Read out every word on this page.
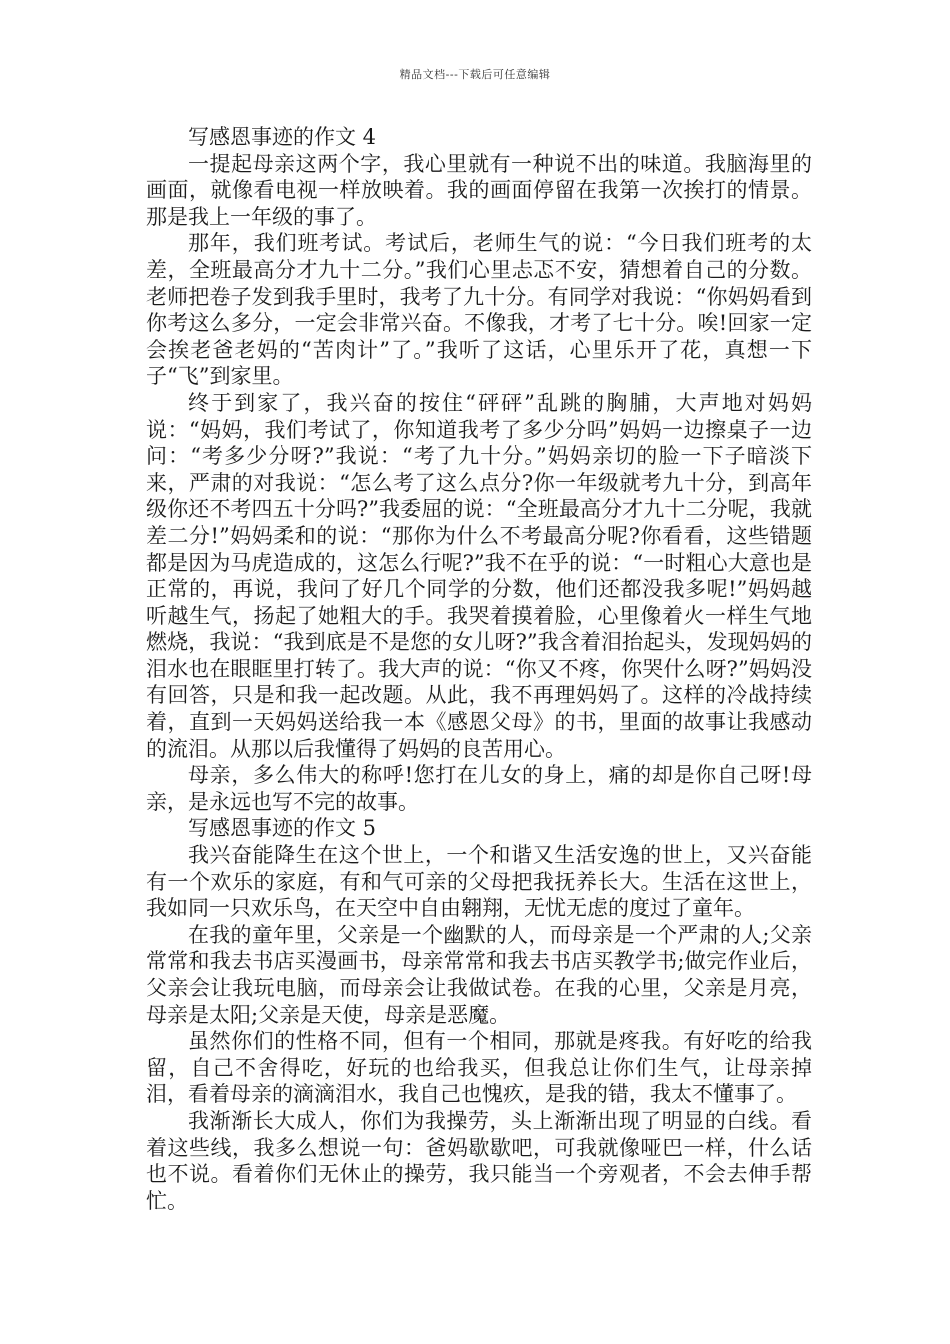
精品文档---下载后可任意编辑

写感恩事迹的作文 4

一提起母亲这两个字，我心里就有一种说不出的味道。我脑海里的画面，就像看电视一样放映着。我的画面停留在我第一次挨打的情景。那是我上一年级的事了。

那年，我们班考试。考试后，老师生气的说：“今日我们班考的太差，全班最高分才九十二分。”我们心里忐忑不安，猜想着自己的分数。老师把卷子发到我手里时，我考了九十分。有同学对我说：“你妈妈看到你考这么多分，一定会非常兴奋。不像我，才考了七十分。唉!回家一定会挨老爸老妈的“苦肉计”了。”我听了这话，心里乐开了花，真想一下子“飞”到家里。

终于到家了，我兴奋的按住“砰砰”乱跳的胸脯，大声地对妈妈说：“妈妈，我们考试了，你知道我考了多少分吗”妈妈一边擦桌子一边问：“考多少分呀?”我说：“考了九十分。”妈妈亲切的脸一下子暗淡下来，严肃的对我说：“怎么考了这么点分?你一年级就考九十分，到高年级你还不考四五十分吗?”我委屈的说：“全班最高分才九十二分呢，我就差二分!”妈妈柔和的说：“那你为什么不考最高分呢?你看看，这些错题都是因为马虎造成的，这怎么行呢?”我不在乎的说：“一时粗心大意也是正常的，再说，我问了好几个同学的分数，他们还都没我多呢!”妈妈越听越生气，扬起了她粗大的手。我哭着摸着脸，心里像着火一样生气地燃烧，我说：“我到底是不是您的女儿呀?”我含着泪抬起头，发现妈妈的泪水也在眼眶里打转了。我大声的说：“你又不疼，你哭什么呀?”妈妈没有回答，只是和我一起改题。从此，我不再理妈妈了。这样的冷战持续着，直到一天妈妈送给我一本《感恩父母》的书，里面的故事让我感动的流泪。从那以后我懂得了妈妈的良苦用心。

母亲，多么伟大的称呼!您打在儿女的身上，痛的却是你自己呀!母亲，是永远也写不完的故事。

写感恩事迹的作文 5

我兴奋能降生在这个世上，一个和谐又生活安逸的世上，又兴奋能有一个欢乐的家庭，有和气可亲的父母把我抚养长大。生活在这世上，我如同一只欢乐鸟，在天空中自由翱翔，无忧无虑的度过了童年。

在我的童年里，父亲是一个幽默的人，而母亲是一个严肃的人;父亲常常和我去书店买漫画书，母亲常常和我去书店买教学书;做完作业后，父亲会让我玩电脑，而母亲会让我做试卷。在我的心里，父亲是月亮，母亲是太阳;父亲是天使，母亲是恶魔。

虽然你们的性格不同，但有一个相同，那就是疼我。有好吃的给我留，自己不舍得吃，好玩的也给我买，但我总让你们生气，让母亲掉泪，看着母亲的滴滴泪水，我自己也愧疚，是我的错，我太不懂事了。

我渐渐长大成人，你们为我操劳，头上渐渐出现了明显的白线。看着这些线，我多么想说一句：爸妈歇歇吧，可我就像哑巴一样，什么话也不说。看着你们无休止的操劳，我只能当一个旁观者，不会去伸手帮忙。
